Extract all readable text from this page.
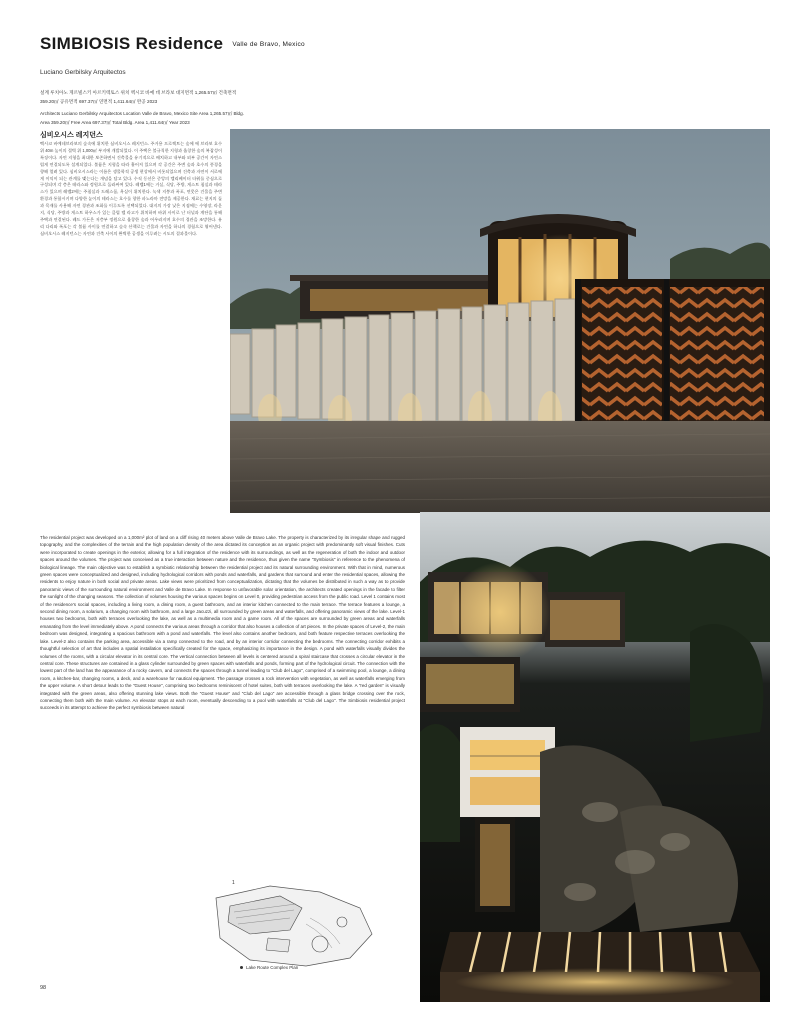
SIMBIOSIS Residence Valle de Bravo, Mexico
Luciano Gerbilsky Arquitectos
설계 루치아노 게르빌스키 아르키텍토스 위치 멕시코 바예 데 브라보 대지면적 1,265.57㎡ 건축면적
359.20㎡ 공유면적 697.37㎡ 연면적 1,411.64㎡ 완공 2023
Architects Luciano Gerbilsky Arquitectos Location Valle de Bravo, Mexico Site Area 1,265.57㎡ Bldg.
Area 359.20㎡ Free Area 697.37㎡ Total Bldg. Area 1,411.64㎡ Year 2023
심비오시스 레지던스
멕시코 바예데브라보의 숲속에 위치한 심비오시스 레지던스. 주거용 프로젝트는 숲에 에 브라보 호수 위 40m 높이의 절벽 위 1,000㎡ 부지에 개발되었다. 이 주택은 불규칙한 지형과 울창한 숲의 복잡성이 특징이다. 자연 지형을 최대한 보존하면서 건축물을 유기적으로 배치하고 내부와 외부 공간이 자연스럽게 연결되도록 설계되었다. 볼륨은 지형을 따라 흩어져 있으며 각 공간은 주변 숲과 호수의 풍경을 향해 열려 있다. 심비오시스라는 이름은 생물학적 공생 현상에서 비롯되었으며 건축과 자연이 서로에게 이익이 되는 관계를 맺는다는 개념을 담고 있다. 수직 동선은 중앙의 엘리베이터 타워를 중심으로 구성되며 각 층은 테라스와 정원으로 둘러싸여 있다. 레벨1에는 거실, 식당, 주방, 게스트 침실과 테라스가 있으며 레벨2에는 주침실과 드레스룸, 욕실이 위치한다. 녹색 지붕과 폭포, 연못은 건물을 주변 환경과 통합시키며 다양한 높이의 테라스는 호수를 향한 파노라마 전망을 제공한다. 재료는 현지의 돌과 목재를 사용해 자연 경관과 조화를 이루도록 선택되었다. 대지의 가장 낮은 지점에는 수영장, 라운지, 식당, 주방과 게스트 하우스가 있는 클럽 델 라고가 위치하며 바위 사이로 난 터널과 계단을 통해 주택과 연결된다. 레드 가든은 저층부 정원으로 울창한 숲과 어우러지며 호수의 경관을 조망한다. 유리 다리와 폭포는 각 볼륨 사이를 연결하고 숲속 산책로는 건물과 자연을 하나의 경험으로 엮어낸다. 심비오시스 레지던스는 자연과 건축 사이의 완벽한 공생을 이루려는 시도의 결과물이다.
The residential project was developed on a 1,000m² plot of land on a cliff rising 40 meters above Valle de Bravo Lake. The property is characterized by its irregular shape and rugged topography, and the complexities of the terrain and the high population density of the area dictated its conception as an organic project with predominantly soft visual finishes. Cuts were incorporated to create openings in the exterior, allowing for a full integration of the residence with its surroundings, as well as the regeneration of both the indoor and outdoor spaces around the volumes. The project was conceived as a true interaction between nature and the residence, thus given the name "Symbiosis" in reference to the phenomena of biological lineage. The main objective was to establish a symbiotic relationship between the residential project and its natural surrounding environment. With that in mind, numerous green spaces were conceptualized and designed, including hydrological corridors with ponds and waterfalls, and gardens that surround and enter the residential spaces, allowing the residents to enjoy nature in both social and private areas. Lake views were prioritized from conceptualization, dictating that the volumes be distributed in such a way as to provide panoramic views of the surrounding natural environment and Valle de Bravo Lake. In response to unfavorable solar orientation, the architects created openings in the facade to filter the sunlight of the changing seasons. The collection of volumes housing the various spaces begins on Level 0, providing pedestrian access from the public road. Level 1 contains most of the residence's social spaces, including a living room, a dining room, a guest bathroom, and an interior kitchen connected to the main terrace. The terrace features a lounge, a second dining room, a solarium, a changing room with bathroom, and a large Jacuzzi, all surrounded by green areas and waterfalls, and offering panoramic views of the lake. Level-1 houses two bedrooms, both with terraces overlooking the lake, as well as a multimedia room and a game room. All of the spaces are surrounded by green areas and waterfalls emanating from the level immediately above. A pond connects the various areas through a corridor that also houses a collection of art pieces. In the private spaces of Level-2, the main bedroom was designed, integrating a spacious bathroom with a pond and waterfalls. The level also contains another bedroom, and both feature respective terraces overlooking the lake. Level-2 also contains the parking area, accessible via a ramp connected to the road, and by an interior corridor connecting the bedrooms. The connecting corridor exhibits a thoughtful selection of art that includes a spatial installation specifically created for the space, emphasizing its importance in the design. A pond with waterfalls visually divides the volumes of the rooms, with a circular elevator in its central core. The vertical connection between all levels is centered around a spiral staircase that crosses a circular elevator in the central core. These structures are contained in a glass cylinder surrounded by green spaces with waterfalls and ponds, forming part of the hydrological circuit. The connection with the lowest part of the land has the appearance of a rocky cavern, and connects the spaces through a tunnel leading to "Club del Lago", comprised of a swimming pool, a lounge, a dining room, a kitchen-bar, changing rooms, a deck, and a warehouse for nautical equipment. The passage crosses a rock intervention with vegetation, as well as waterfalls emerging from the upper volume. A short detour leads to the "Guest House", comprising two bedrooms reminiscent of hotel suites, both with terraces overlooking the lake. A "red garden" is visually integrated with the green areas, also offering stunning lake views. Both the "Guest House" and "Club del Lago" are accessible through a glass bridge crossing over the rock, connecting them both with the main volume. An elevator stops at each room, eventually descending to a pool with waterfalls at "Club del Lago". The Simbiosis residential project succeeds in its attempt to achieve the perfect symbiosis between natural
1
Lake Route Complex Plan
98
